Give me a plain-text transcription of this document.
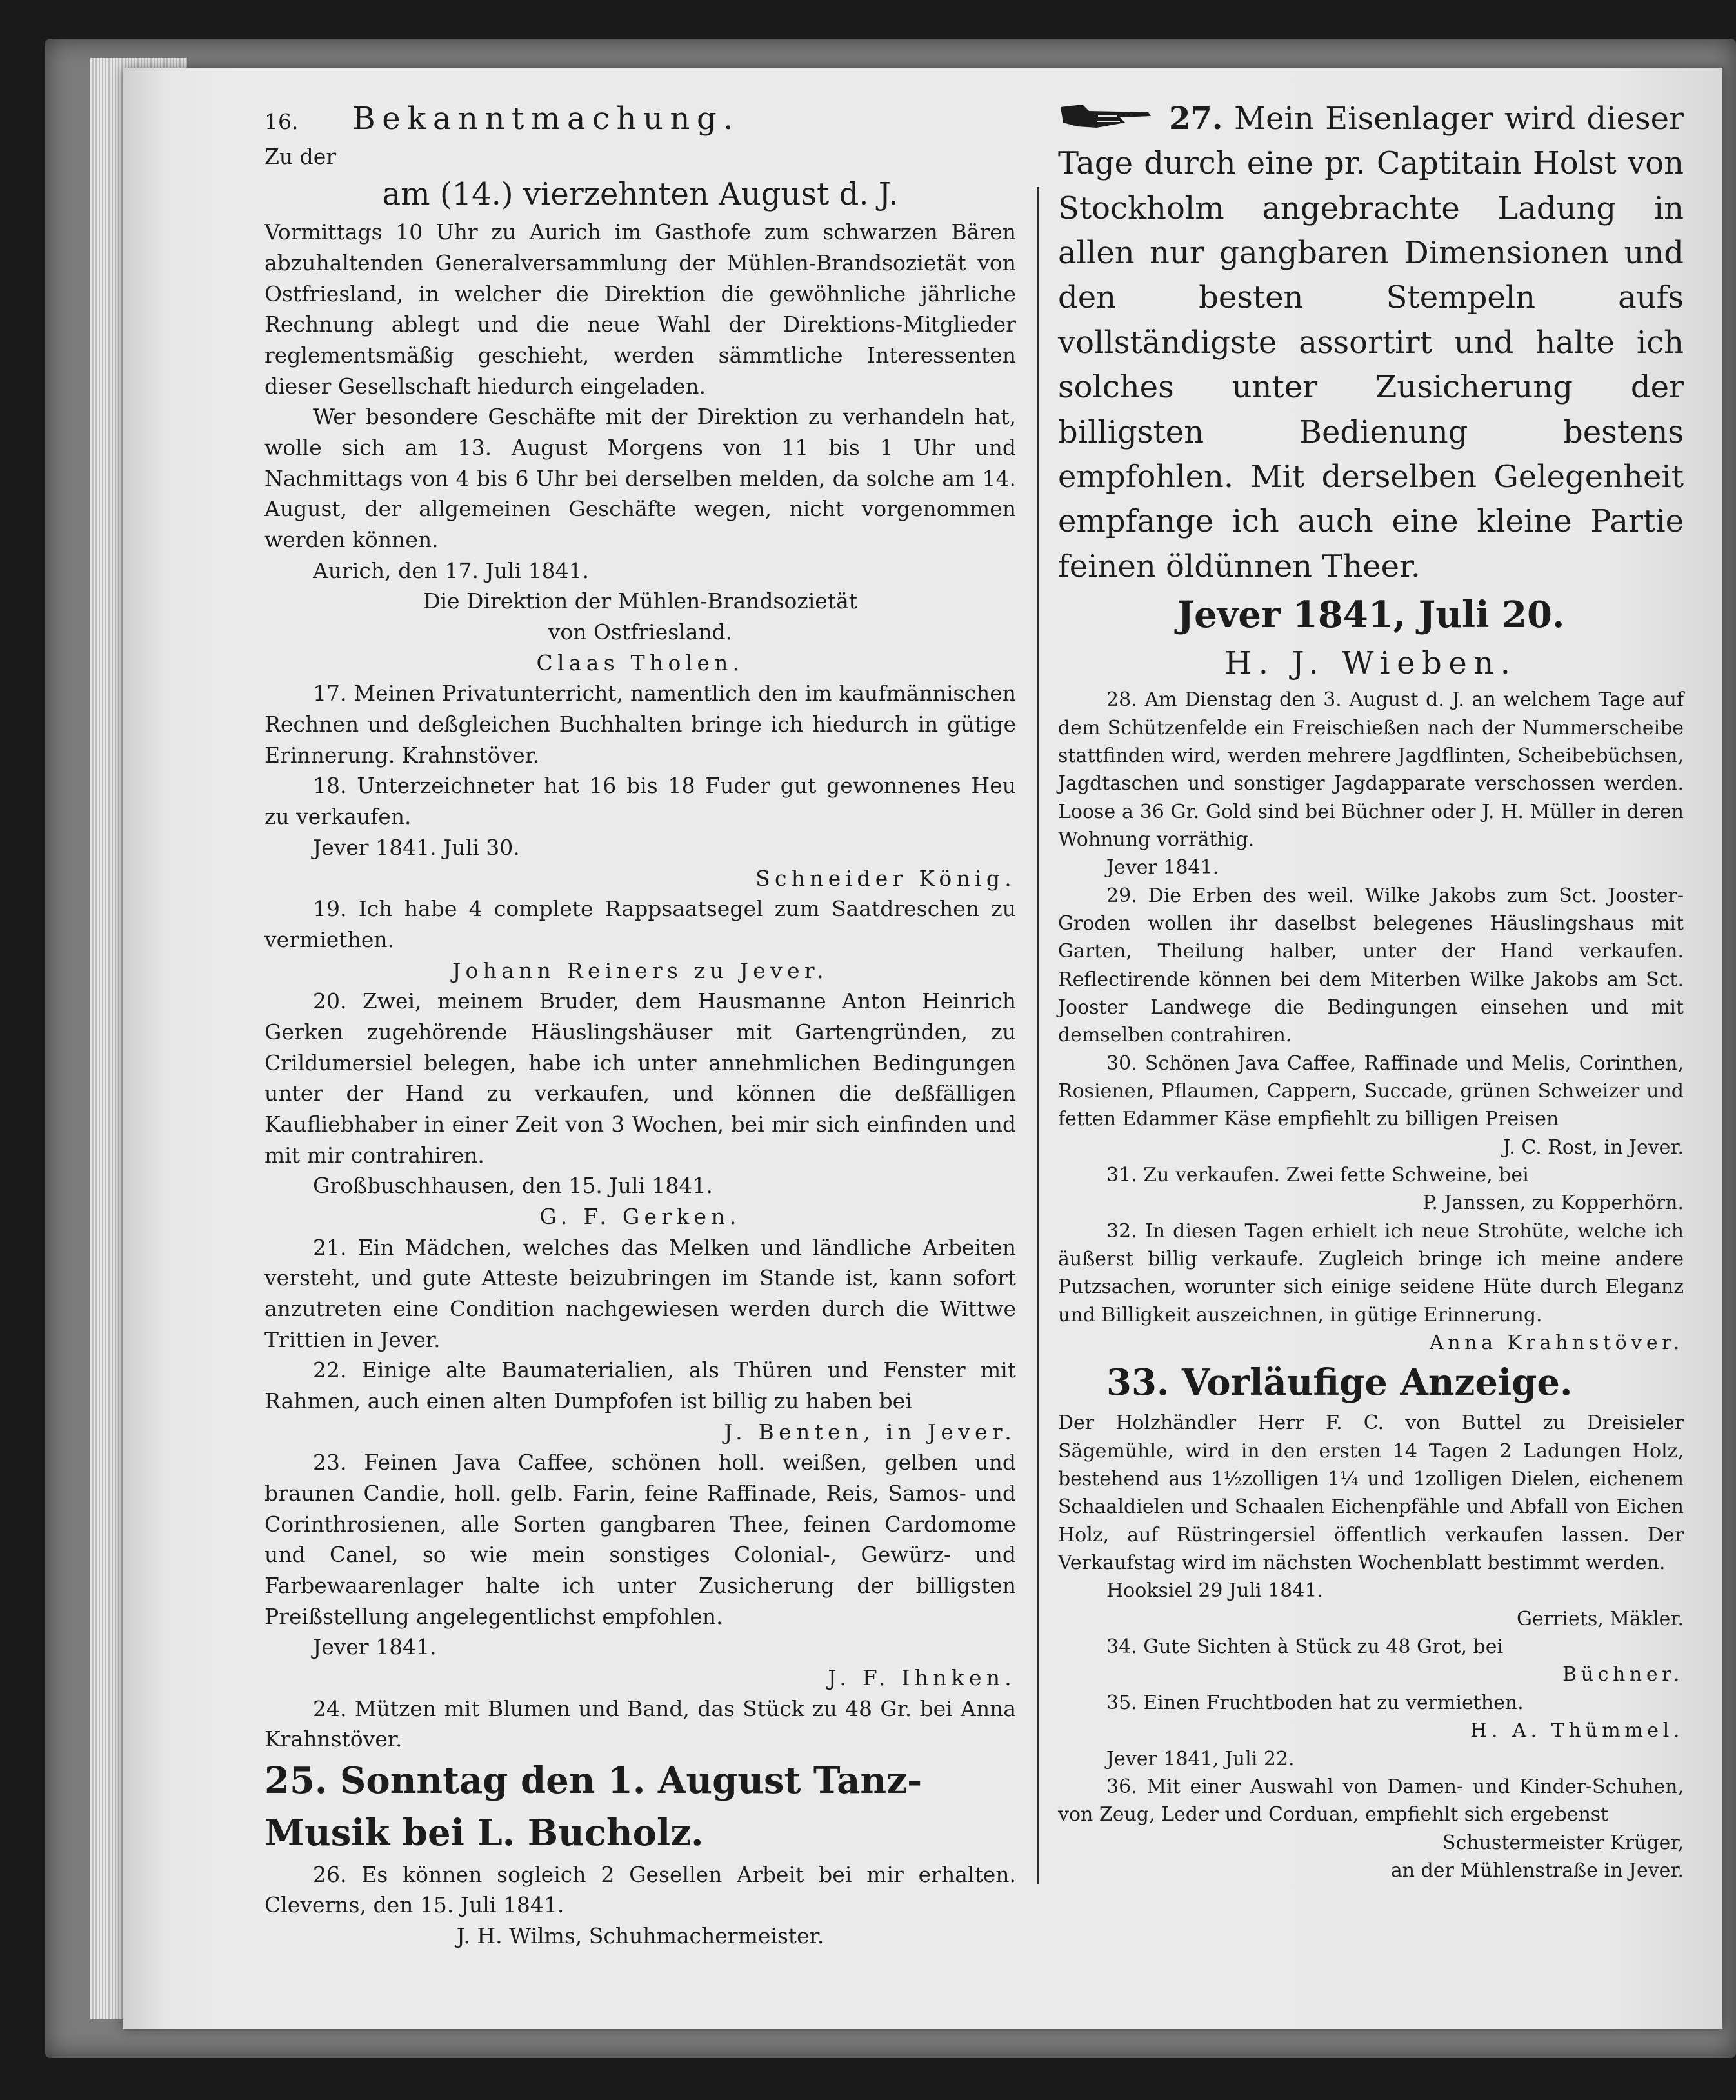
16. Bekanntmachung.

Zu der

am (14.) vierzehnten August d. J.

Vormittags 10 Uhr zu Aurich im Gasthofe zum schwarzen Bären abzuhaltenden Generalversammlung der Mühlen-Brandsozietät von Ostfriesland, in welcher die Direktion die gewöhnliche jährliche Rechnung ablegt und die neue Wahl der Direktions-Mitglieder reglementsmäßig geschieht, werden sämmtliche Interessenten dieser Gesellschaft hiedurch eingeladen.

Wer besondere Geschäfte mit der Direktion zu verhandeln hat, wolle sich am 13. August Morgens von 11 bis 1 Uhr und Nachmittags von 4 bis 6 Uhr bei derselben melden, da solche am 14. August, der allgemeinen Geschäfte wegen, nicht vorgenommen werden können.

Aurich, den 17. Juli 1841.

Die Direktion der Mühlen-Brandsozietät

von Ostfriesland.

Claas Tholen.

17. Meinen Privatunterricht, namentlich den im kaufmännischen Rechnen und deßgleichen Buchhalten bringe ich hiedurch in gütige Erinnerung. Krahnstöver.

18. Unterzeichneter hat 16 bis 18 Fuder gut gewonnenes Heu zu verkaufen.

Jever 1841. Juli 30.

Schneider König.

19. Ich habe 4 complete Rappsaatsegel zum Saatdreschen zu vermiethen.

Johann Reiners zu Jever.

20. Zwei, meinem Bruder, dem Hausmanne Anton Heinrich Gerken zugehörende Häuslingshäuser mit Gartengründen, zu Crildumersiel belegen, habe ich unter annehmlichen Bedingungen unter der Hand zu verkaufen, und können die deßfälligen Kaufliebhaber in einer Zeit von 3 Wochen, bei mir sich einfinden und mit mir contrahiren.

Großbuschhausen, den 15. Juli 1841.

G. F. Gerken.

21. Ein Mädchen, welches das Melken und ländliche Arbeiten versteht, und gute Atteste beizubringen im Stande ist, kann sofort anzutreten eine Condition nachgewiesen werden durch die Wittwe Trittien in Jever.

22. Einige alte Baumaterialien, als Thüren und Fenster mit Rahmen, auch einen alten Dumpfofen ist billig zu haben bei

J. Benten, in Jever.

23. Feinen Java Caffee, schönen holl. weißen, gelben und braunen Candie, holl. gelb. Farin, feine Raffinade, Reis, Samos- und Corinthrosienen, alle Sorten gangbaren Thee, feinen Cardomome und Canel, so wie mein sonstiges Colonial-, Gewürz- und Farbewaarenlager halte ich unter Zusicherung der billigsten Preißstellung angelegentlichst empfohlen.

Jever 1841.

J. F. Ihnken.

24. Mützen mit Blumen und Band, das Stück zu 48 Gr. bei Anna Krahnstöver.

25. Sonntag den 1. August Tanz-

Musik bei L. Bucholz.

26. Es können sogleich 2 Gesellen Arbeit bei mir erhalten. Cleverns, den 15. Juli 1841.

J. H. Wilms, Schuhmachermeister.

27. Mein Eisenlager wird dieser Tage durch eine pr. Captitain Holst von Stockholm angebrachte Ladung in allen nur gangbaren Dimensionen und den besten Stempeln aufs vollständigste assortirt und halte ich solches unter Zusicherung der billigsten Bedienung bestens empfohlen. Mit derselben Gelegenheit empfange ich auch eine kleine Partie feinen öldünnen Theer.

Jever 1841, Juli 20.

H. J. Wieben.

28. Am Dienstag den 3. August d. J. an welchem Tage auf dem Schützenfelde ein Freischießen nach der Nummerscheibe stattfinden wird, werden mehrere Jagdflinten, Scheibebüchsen, Jagdtaschen und sonstiger Jagdapparate verschossen werden. Loose a 36 Gr. Gold sind bei Büchner oder J. H. Müller in deren Wohnung vorräthig.

Jever 1841.

29. Die Erben des weil. Wilke Jakobs zum Sct. Jooster-Groden wollen ihr daselbst belegenes Häuslingshaus mit Garten, Theilung halber, unter der Hand verkaufen. Reflectirende können bei dem Miterben Wilke Jakobs am Sct. Jooster Landwege die Bedingungen einsehen und mit demselben contrahiren.

30. Schönen Java Caffee, Raffinade und Melis, Corinthen, Rosienen, Pflaumen, Cappern, Succade, grünen Schweizer und fetten Edammer Käse empfiehlt zu billigen Preisen

J. C. Rost, in Jever.

31. Zu verkaufen. Zwei fette Schweine, bei

P. Janssen, zu Kopperhörn.

32. In diesen Tagen erhielt ich neue Strohüte, welche ich äußerst billig verkaufe. Zugleich bringe ich meine andere Putzsachen, worunter sich einige seidene Hüte durch Eleganz und Billigkeit auszeichnen, in gütige Erinnerung.

Anna Krahnstöver.

33. Vorläufige Anzeige.

Der Holzhändler Herr F. C. von Buttel zu Dreisieler Sägemühle, wird in den ersten 14 Tagen 2 Ladungen Holz, bestehend aus 1½zolligen 1¼ und 1zolligen Dielen, eichenem Schaaldielen und Schaalen Eichenpfähle und Abfall von Eichen Holz, auf Rüstringersiel öffentlich verkaufen lassen. Der Verkaufstag wird im nächsten Wochenblatt bestimmt werden.

Hooksiel 29 Juli 1841.

Gerriets, Mäkler.

34. Gute Sichten à Stück zu 48 Grot, bei

Büchner.

35. Einen Fruchtboden hat zu vermiethen.

H. A. Thümmel.

Jever 1841, Juli 22.

36. Mit einer Auswahl von Damen- und Kinder-Schuhen, von Zeug, Leder und Corduan, empfiehlt sich ergebenst

Schustermeister Krüger,

an der Mühlenstraße in Jever.
